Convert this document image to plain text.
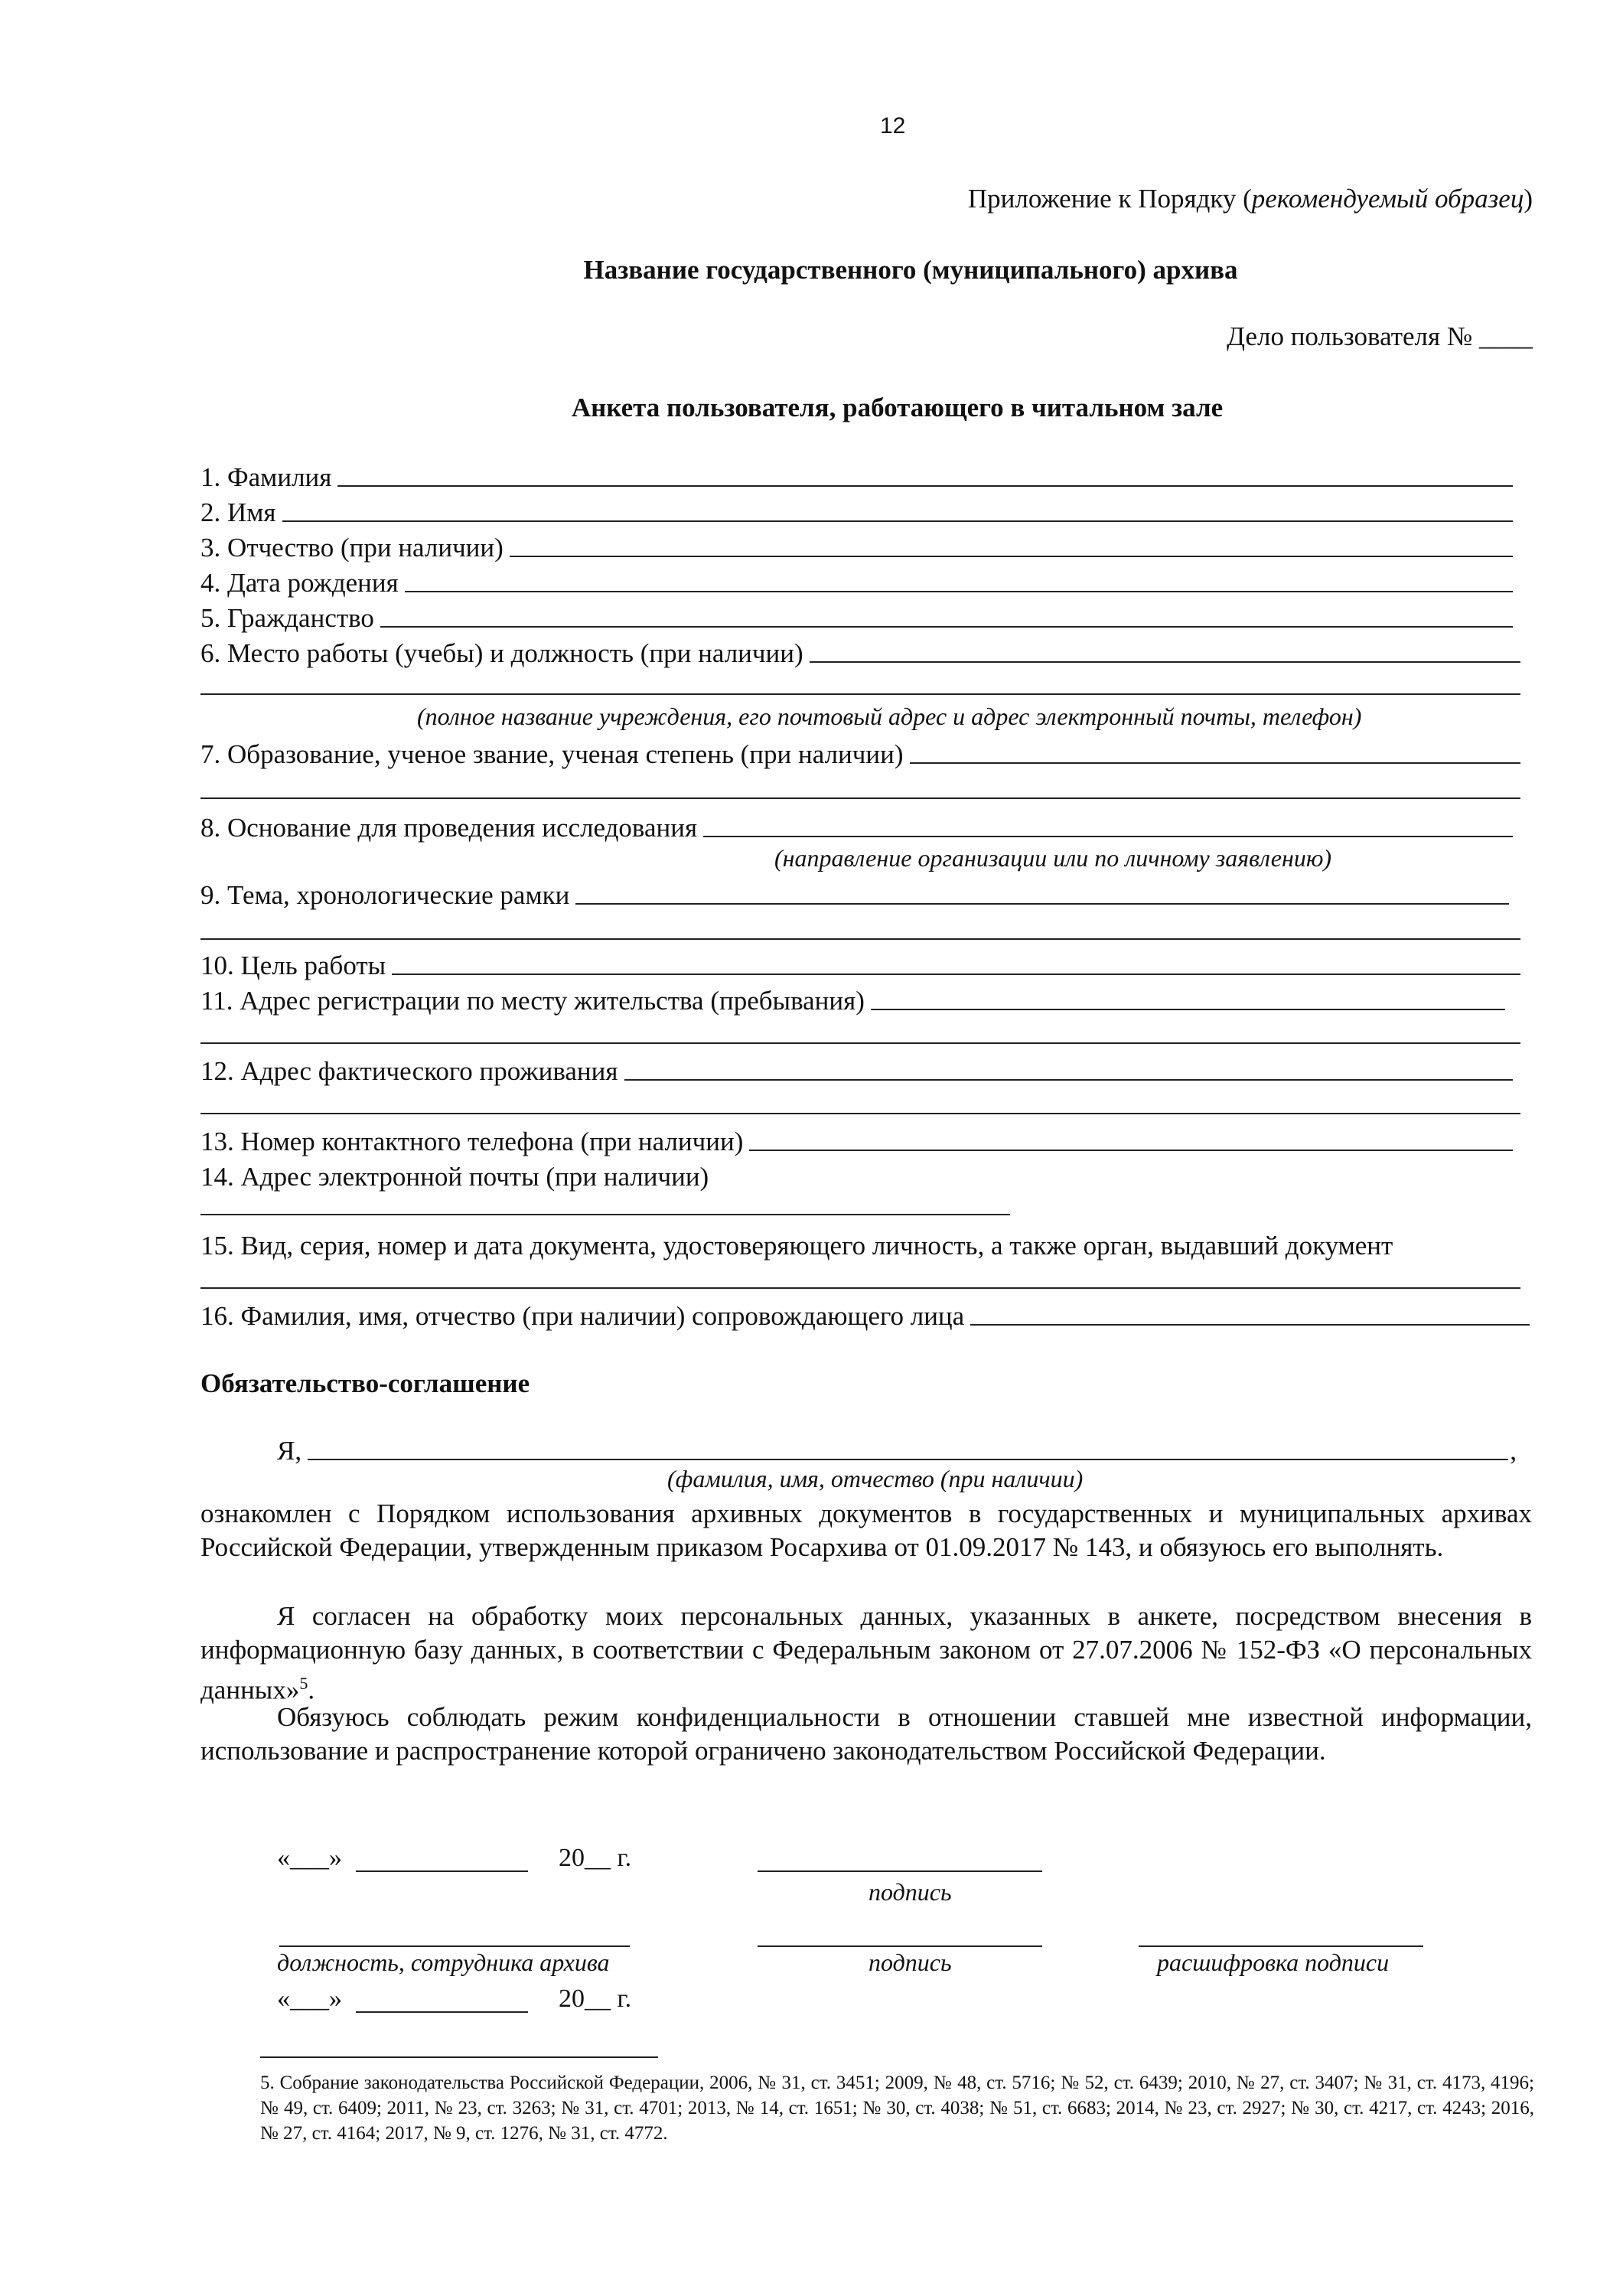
12
Приложение к Порядку (рекомендуемый образец)
Название государственного (муниципального) архива
Дело пользователя № ____
Анкета пользователя, работающего в читальном зале
1. Фамилия
2. Имя
3. Отчество (при наличии)
4. Дата рождения
5. Гражданство
6. Место работы (учебы) и должность (при наличии)
(полное название учреждения, его почтовый адрес и адрес электронный почты, телефон)
7. Образование, ученое звание, ученая степень (при наличии)
8. Основание для проведения исследования
(направление организации или по личному заявлению)
9. Тема, хронологические рамки
10. Цель работы
11. Адрес регистрации по месту жительства (пребывания)
12. Адрес фактического проживания
13. Номер контактного телефона (при наличии)
14. Адрес электронной почты (при наличии)
15. Вид, серия, номер и дата документа, удостоверяющего личность, а также орган, выдавший документ
16. Фамилия, имя, отчество (при наличии) сопровождающего лица
Обязательство-соглашение
Я,	,
(фамилия, имя, отчество (при наличии)
ознакомлен с Порядком использования архивных документов в государственных и муниципальных архивах Российской Федерации, утвержденным приказом Росархива от 01.09.2017 № 143, и обязуюсь его выполнять.
Я согласен на обработку моих персональных данных, указанных в анкете, посредством внесения в информационную базу данных, в соответствии с Федеральным законом от 27.07.2006 № 152-ФЗ «О персональных данных»$^5$.
Обязуюсь соблюдать режим конфиденциальности в отношении ставшей мне известной информации, использование и распространение которой ограничено законодательством Российской Федерации.
«___»	20__ г.
подпись
должность, сотрудника архива	подпись	расшифровка подписи
«___»	20__ г.
5. Собрание законодательства Российской Федерации, 2006, № 31, ст. 3451; 2009, № 48, ст. 5716; № 52, ст. 6439; 2010, № 27, ст. 3407; № 31, ст. 4173, 4196; № 49, ст. 6409; 2011, № 23, ст. 3263; № 31, ст. 4701; 2013, № 14, ст. 1651; № 30, ст. 4038; № 51, ст. 6683; 2014, № 23, ст. 2927; № 30, ст. 4217, ст. 4243; 2016, № 27, ст. 4164; 2017, № 9, ст. 1276, № 31, ст. 4772.
